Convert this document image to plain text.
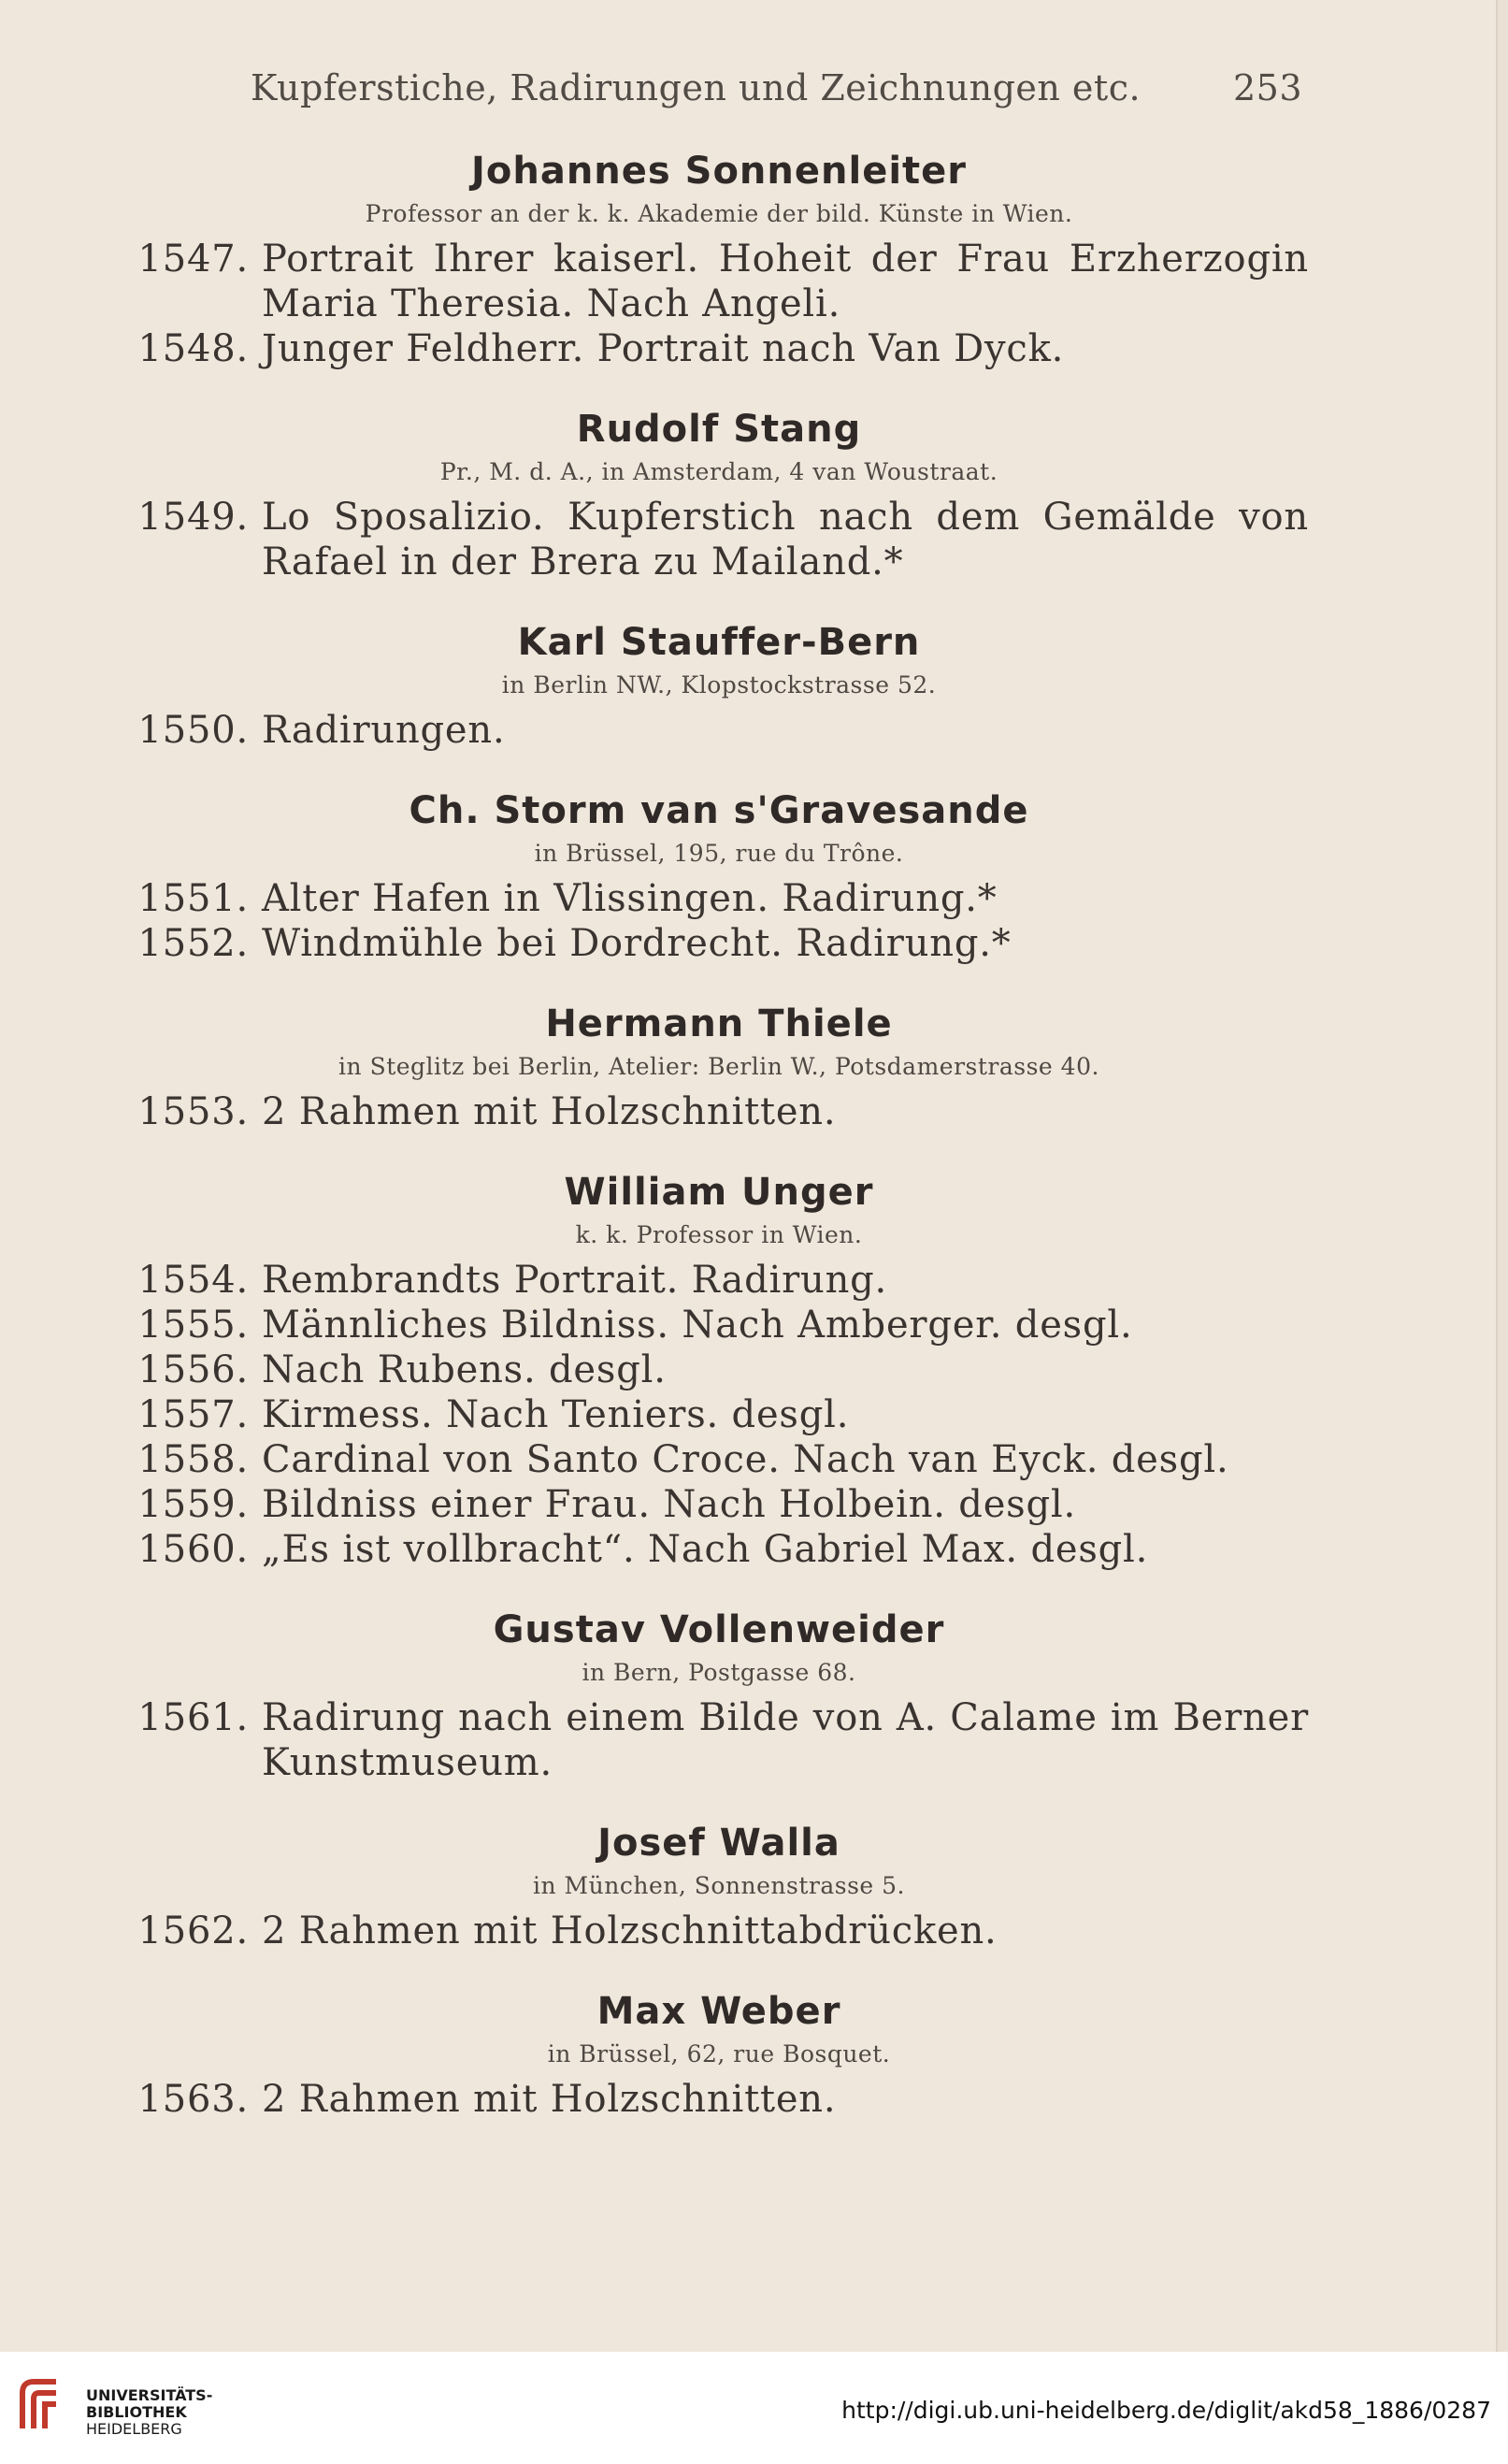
Kupferstiche, Radirungen und Zeichnungen etc.	253
Johannes Sonnenleiter
Professor an der k. k. Akademie der bild. Künste in Wien.
1547. Portrait Ihrer kaiserl. Hoheit der Frau Erzherzogin Maria Theresia. Nach Angeli.
1548. Junger Feldherr. Portrait nach Van Dyck.
Rudolf Stang
Pr., M. d. A., in Amsterdam, 4 van Woustraat.
1549. Lo Sposalizio. Kupferstich nach dem Gemälde von Rafael in der Brera zu Mailand.*
Karl Stauffer-Bern
in Berlin NW., Klopstockstrasse 52.
1550. Radirungen.
Ch. Storm van s'Gravesande
in Brüssel, 195, rue du Trône.
1551. Alter Hafen in Vlissingen. Radirung.*
1552. Windmühle bei Dordrecht. Radirung.*
Hermann Thiele
in Steglitz bei Berlin, Atelier: Berlin W., Potsdamerstrasse 40.
1553. 2 Rahmen mit Holzschnitten.
William Unger
k. k. Professor in Wien.
1554. Rembrandts Portrait. Radirung.
1555. Männliches Bildniss. Nach Amberger. desgl.
1556. Nach Rubens. desgl.
1557. Kirmess. Nach Teniers. desgl.
1558. Cardinal von Santo Croce. Nach van Eyck. desgl.
1559. Bildniss einer Frau. Nach Holbein. desgl.
1560. „Es ist vollbracht“. Nach Gabriel Max. desgl.
Gustav Vollenweider
in Bern, Postgasse 68.
1561. Radirung nach einem Bilde von A. Calame im Berner Kunstmuseum.
Josef Walla
in München, Sonnenstrasse 5.
1562. 2 Rahmen mit Holzschnittabdrücken.
Max Weber
in Brüssel, 62, rue Bosquet.
1563. 2 Rahmen mit Holzschnitten.
UNIVERSITÄTS-
BIBLIOTHEK
HEIDELBERG
http://digi.ub.uni-heidelberg.de/diglit/akd58_1886/0287
